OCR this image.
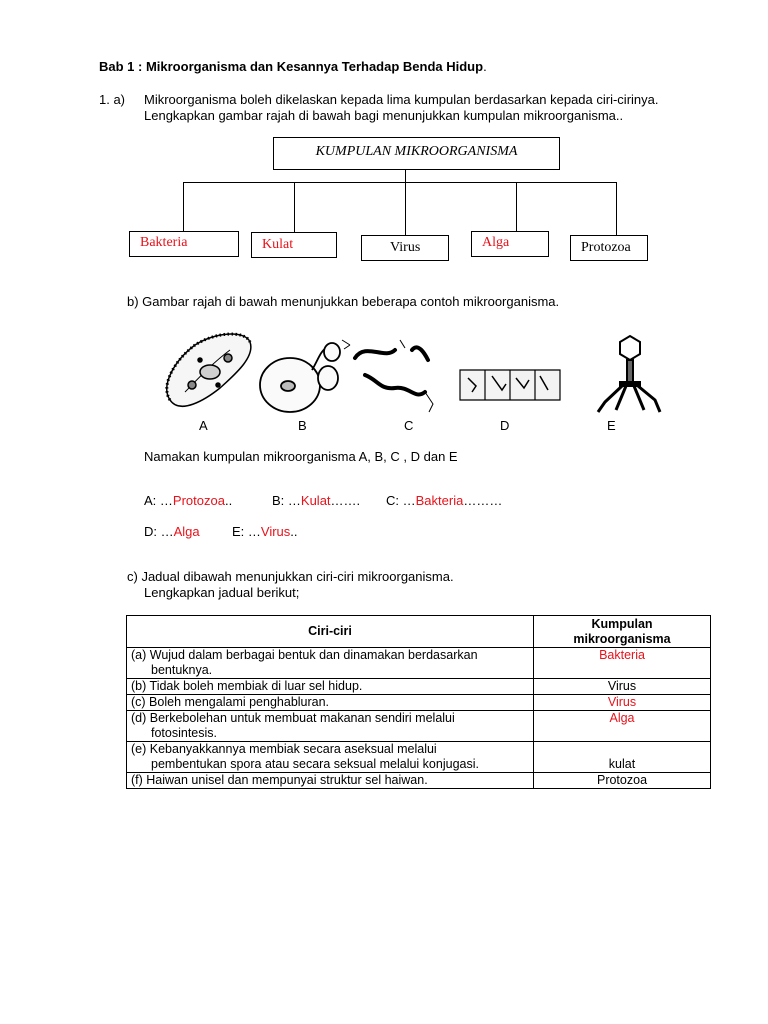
Bab 1 : Mikroorganisma dan Kesannya Terhadap Benda Hidup.
1. a) Mikroorganisma boleh dikelaskan kepada lima kumpulan berdasarkan kepada ciri-cirinya.
Lengkapkan gambar rajah di bawah bagi menunjukkan kumpulan mikroorganisma..
KUMPULAN MIKROORGANISMA
Bakteria	Kulat	Virus	Alga	Protozoa
b) Gambar rajah di bawah menunjukkan beberapa contoh mikroorganisma.
A	B	C	D	E
Namakan kumpulan mikroorganisma A, B, C , D dan E
A: …Protozoa..	B: …Kulat……. C: …Bakteria………
D: …Alga E: …Virus..
c) Jadual dibawah menunjukkan ciri-ciri mikroorganisma.
Lengkapkan jadual berikut;
Ciri-ciri	Kumpulan
mikroorganisma
(a) Wujud dalam berbagai bentuk dan dinamakan berdasarkan
bentuknya.	Bakteria
(b) Tidak boleh membiak di luar sel hidup.	Virus
(c) Boleh mengalami penghabluran.	Virus
(d) Berkebolehan untuk membuat makanan sendiri melalui
fotosintesis.	Alga
(e) Kebanyakkannya membiak secara aseksual melalui
pembentukan spora atau secara seksual melalui konjugasi.	kulat
(f) Haiwan unisel dan mempunyai struktur sel haiwan.	Protozoa
